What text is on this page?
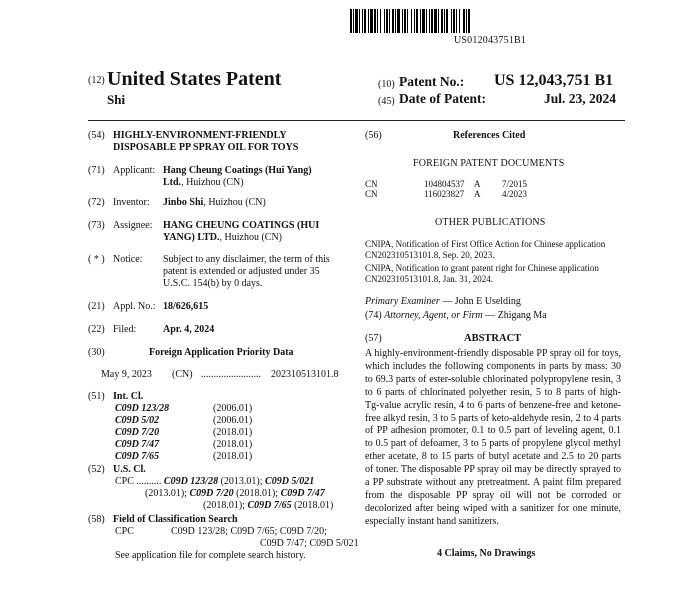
US012043751B1
(12) United States Patent
Shi
(10) Patent No.: US 12,043,751 B1
(45) Date of Patent:	Jul. 23, 2024
(54) HIGHLY-ENVIRONMENT-FRIENDLY
DISPOSABLE PP SPRAY OIL FOR TOYS
(71) Applicant: Hang Cheung Coatings (Hui Yang)
Ltd., Huizhou (CN)
(72) Inventor: Jinbo Shi, Huizhou (CN)
(73) Assignee: HANG CHEUNG COATINGS (HUI
YANG) LTD., Huizhou (CN)
( * ) Notice: Subject to any disclaimer, the term of this
patent is extended or adjusted under 35
U.S.C. 154(b) by 0 days.
(21) Appl. No.: 18/626,615
(22) Filed:	Apr. 4, 2024
(30)	Foreign Application Priority Data
May 9, 2023 (CN) ........................ 202310513101.8
(51) Int. Cl.
C09D 123/28	(2006.01)
C09D 5/02	(2006.01)
C09D 7/20	(2018.01)
C09D 7/47	(2018.01)
C09D 7/65	(2018.01)
(52) U.S. Cl.
CPC .......... C09D 123/28 (2013.01); C09D 5/021
(2013.01); C09D 7/20 (2018.01); C09D 7/47
(2018.01); C09D 7/65 (2018.01)
(58) Field of Classification Search
CPC	C09D 123/28; C09D 7/65; C09D 7/20;
C09D 7/47; C09D 5/021
See application file for complete search history.
(56)	References Cited
FOREIGN PATENT DOCUMENTS
CN	104804537 A 7/2015
CN	116023827 A 4/2023
OTHER PUBLICATIONS
CNIPA, Notification of First Office Action for Chinese application
CN202310513101.8, Sep. 20, 2023.
CNIPA, Notification to grant patent right for Chinese application
CN202310513101.8, Jan. 31, 2024.
Primary Examiner — John E Uselding
(74) Attorney, Agent, or Firm — Zhigang Ma
(57)	ABSTRACT
A highly-environment-friendly disposable PP spray oil for toys, which includes the following components in parts by mass: 30 to 69.3 parts of ester-soluble chlorinated polypropylene resin, 3 to 6 parts of chlorinated polyether resin, 5 to 8 parts of high-Tg-value acrylic resin, 4 to 6 parts of benzene-free and ketone-free alkyd resin, 3 to 5 parts of keto-aldehyde resin, 2 to 4 parts of PP adhesion promoter, 0.1 to 0.5 part of leveling agent, 0.1 to 0.5 part of defoamer, 3 to 5 parts of propylene glycol methyl ether acetate, 8 to 15 parts of butyl acetate and 2.5 to 20 parts of toner. The disposable PP spray oil may be directly sprayed to a PP substrate without any pretreatment. A paint film prepared from the disposable PP spray oil will not be corroded or decolorized after being wiped with a sanitizer for one minute, especially instant hand sanitizers.
4 Claims, No Drawings
